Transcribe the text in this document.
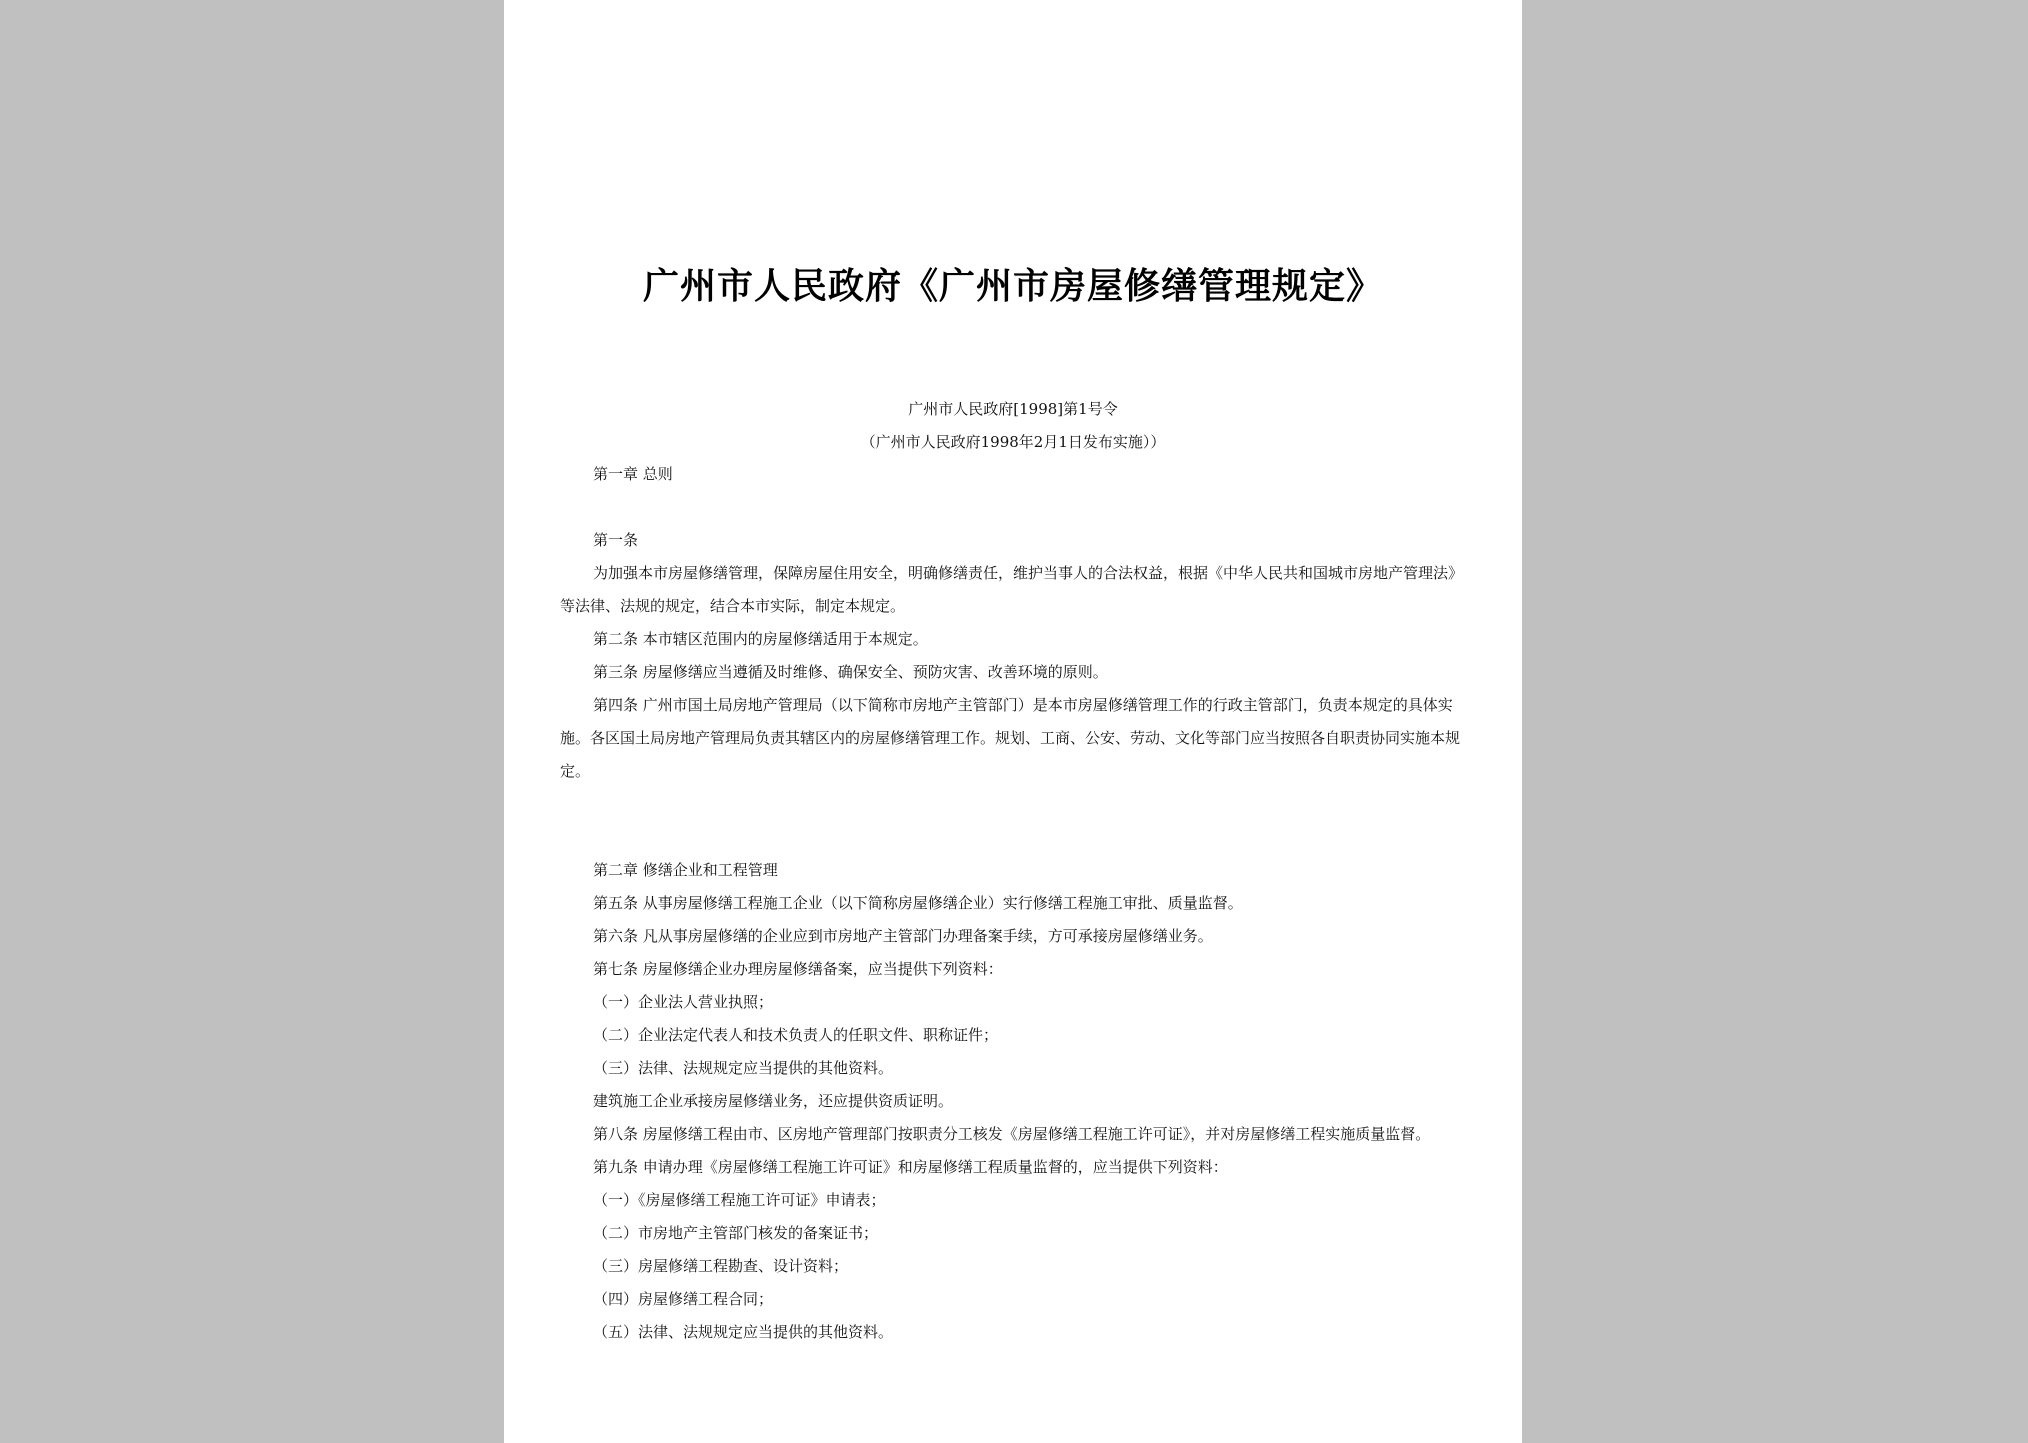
广州市人民政府《广州市房屋修缮管理规定》
广州市人民政府[1998]第1号令
（广州市人民政府1998年2月1日发布实施））
第一章 总则
第一条
为加强本市房屋修缮管理，保障房屋住用安全，明确修缮责任，维护当事人的合法权益，根据《中华人民共和国城市房地产管理法》等法律、法规的规定，结合本市实际，制定本规定。
第二条 本市辖区范围内的房屋修缮适用于本规定。
第三条 房屋修缮应当遵循及时维修、确保安全、预防灾害、改善环境的原则。
第四条 广州市国土局房地产管理局（以下简称市房地产主管部门）是本市房屋修缮管理工作的行政主管部门，负责本规定的具体实施。各区国土局房地产管理局负责其辖区内的房屋修缮管理工作。规划、工商、公安、劳动、文化等部门应当按照各自职责协同实施本规定。
第二章 修缮企业和工程管理
第五条 从事房屋修缮工程施工企业（以下简称房屋修缮企业）实行修缮工程施工审批、质量监督。
第六条 凡从事房屋修缮的企业应到市房地产主管部门办理备案手续，方可承接房屋修缮业务。
第七条 房屋修缮企业办理房屋修缮备案，应当提供下列资料：
（一）企业法人营业执照；
（二）企业法定代表人和技术负责人的任职文件、职称证件；
（三）法律、法规规定应当提供的其他资料。
建筑施工企业承接房屋修缮业务，还应提供资质证明。
第八条 房屋修缮工程由市、区房地产管理部门按职责分工核发《房屋修缮工程施工许可证》，并对房屋修缮工程实施质量监督。
第九条 申请办理《房屋修缮工程施工许可证》和房屋修缮工程质量监督的，应当提供下列资料：
（一）《房屋修缮工程施工许可证》申请表；
（二）市房地产主管部门核发的备案证书；
（三）房屋修缮工程勘查、设计资料；
（四）房屋修缮工程合同；
（五）法律、法规规定应当提供的其他资料。
